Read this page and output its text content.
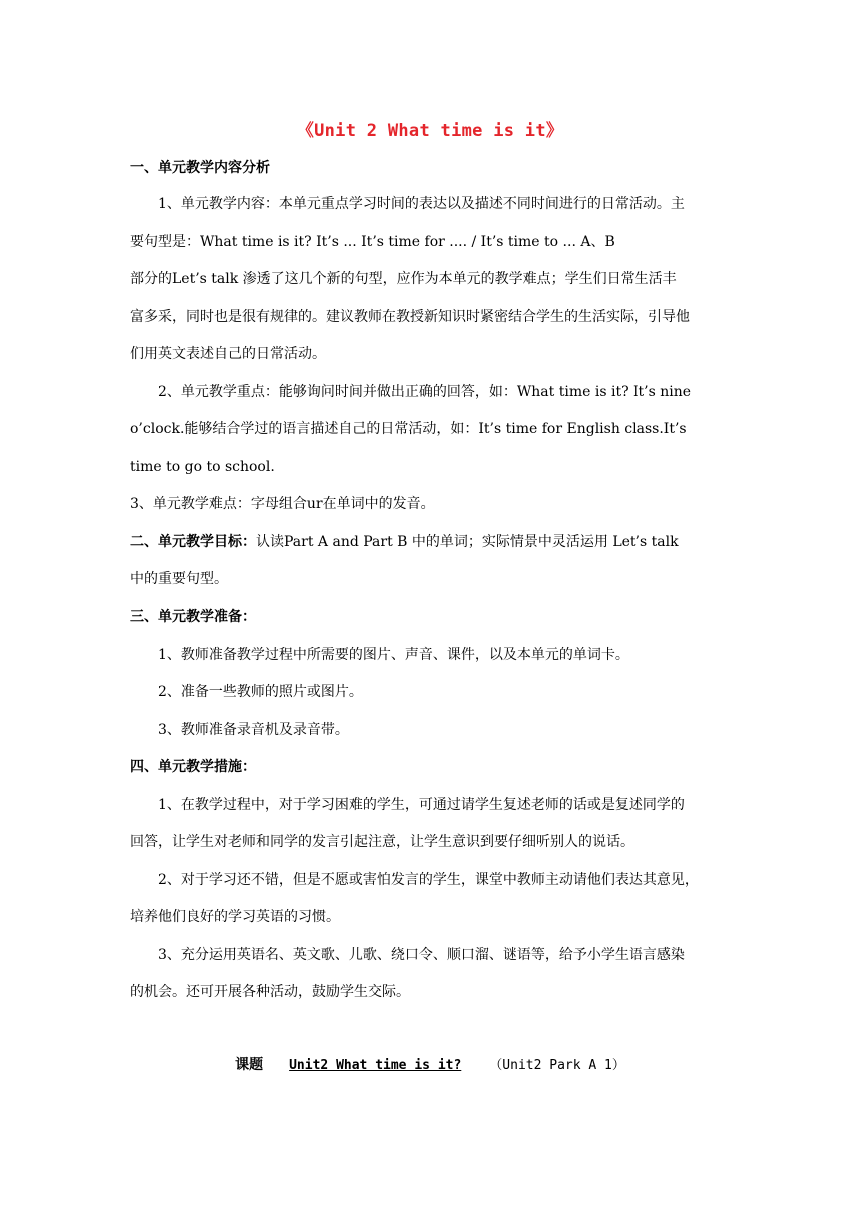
《Unit 2 What time is it》
一、单元教学内容分析
1、单元教学内容：本单元重点学习时间的表达以及描述不同时间进行的日常活动。主
要句型是：What time is it? It’s ... It’s time for .... / It’s time to ... A、B
部分的Let’s talk 渗透了这几个新的句型，应作为本单元的教学难点；学生们日常生活丰
富多采，同时也是很有规律的。建议教师在教授新知识时紧密结合学生的生活实际，引导他
们用英文表述自己的日常活动。
2、单元教学重点：能够询问时间并做出正确的回答，如：What time is it? It’s nine
o’clock.能够结合学过的语言描述自己的日常活动，如：It’s time for English class.It’s
time to go to school.
3、单元教学难点：字母组合ur在单词中的发音。
二、单元教学目标：认读Part A and Part B 中的单词；实际情景中灵活运用 Let’s talk
中的重要句型。
三、单元教学准备：
1、教师准备教学过程中所需要的图片、声音、课件，以及本单元的单词卡。
2、准备一些教师的照片或图片。
3、教师准备录音机及录音带。
四、单元教学措施：
1、在教学过程中，对于学习困难的学生，可通过请学生复述老师的话或是复述同学的
回答，让学生对老师和同学的发言引起注意，让学生意识到要仔细听别人的说话。
2、对于学习还不错，但是不愿或害怕发言的学生，课堂中教师主动请他们表达其意见，
培养他们良好的学习英语的习惯。
3、充分运用英语名、英文歌、儿歌、绕口令、顺口溜、谜语等，给予小学生语言感染
的机会。还可开展各种活动，鼓励学生交际。
课题 Unit2 What time is it? （Unit2 Park A 1）
